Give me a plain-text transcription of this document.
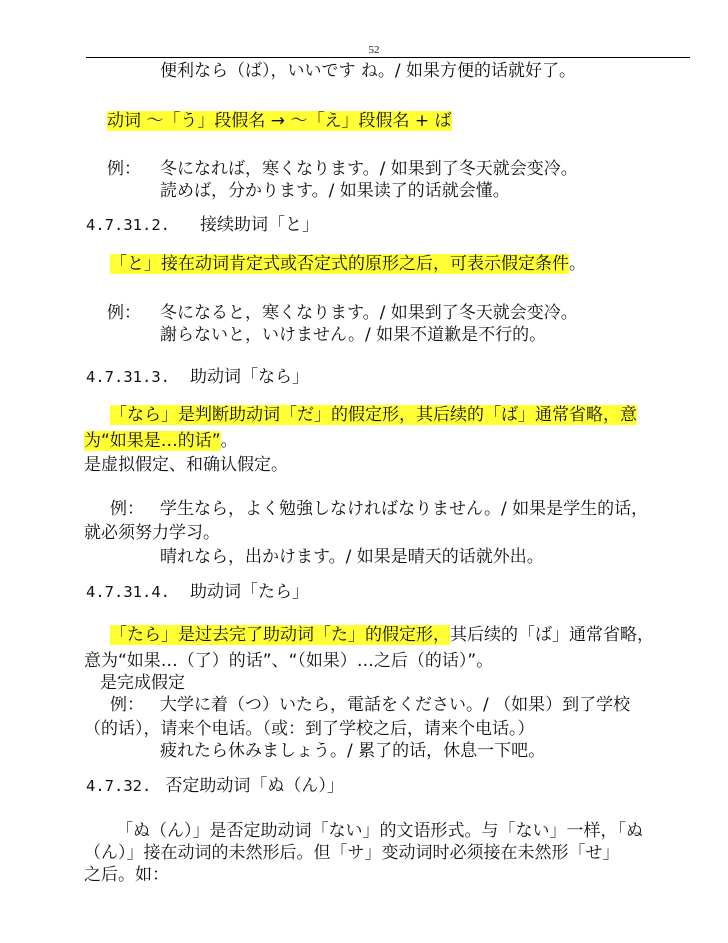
52
便利なら（ば），いいです ね。/ 如果方便的话就好了。
动词 ～「う」段假名 → ～「え」段假名 + ば
例： 冬になれば，寒くなります。/ 如果到了冬天就会变冷。
読めば，分かります。/ 如果读了的话就会懂。
4.7.31.2. 接续助词「と」
「と」接在动词肯定式或否定式的原形之后，可表示假定条件。
例： 冬になると，寒くなります。/ 如果到了冬天就会变冷。
謝らないと，いけません。/ 如果不道歉是不行的。
4.7.31.3. 助动词「なら」
「なら」是判断助动词「だ」的假定形，其后续的「ば」通常省略，意
为“如果是…的话”。
是虚拟假定、和确认假定。
例： 学生なら，よく勉強しなければなりません。/ 如果是学生的话，
就必须努力学习。
晴れなら，出かけます。/ 如果是晴天的话就外出。
4.7.31.4. 助动词「たら」
「たら」是过去完了助动词「た」的假定形，其后续的「ば」通常省略，
意为“如果…（了）的话”、“（如果）…之后（的话）”。
是完成假定
例： 大学に着（つ）いたら，電話をください。/ （如果）到了学校
（的话），请来个电话。（或：到了学校之后，请来个电话。）
疲れたら休みましょう。/ 累了的话，休息一下吧。
4.7.32. 否定助动词「ぬ（ん）」
「ぬ（ん）」是否定助动词「ない」的文语形式。与「ない」一样，「ぬ
（ん）」接在动词的未然形后。但「サ」变动词时必须接在未然形「せ」
之后。如：
